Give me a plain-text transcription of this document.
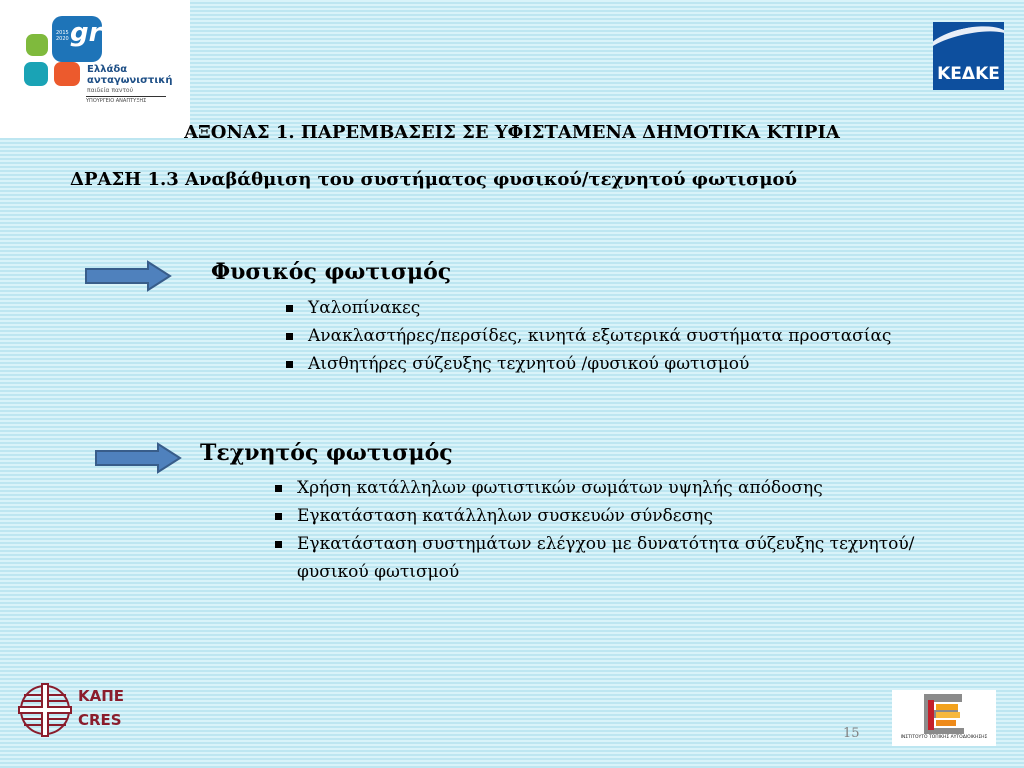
gr
2015 2020
Ελλάδα
ανταγωνιστική
παιδεία παντού
ΥΠΟΥΡΓΕΙΟ ΑΝΑΠΤΥΞΗΣ
ΚΕΔΚΕ
ΑΞΟΝΑΣ 1. ΠΑΡΕΜΒΑΣΕΙΣ ΣΕ ΥΦΙΣΤΑΜΕΝΑ ΔΗΜΟΤΙΚΑ ΚΤΙΡΙΑ
ΔΡΑΣΗ 1.3 Αναβάθμιση του συστήματος φυσικού/τεχνητού φωτισμού
Φυσικός φωτισμός
Υαλοπίνακες
Ανακλαστήρες/περσίδες, κινητά εξωτερικά συστήματα προστασίας
Αισθητήρες σύζευξης τεχνητού /φυσικού φωτισμού
Τεχνητός φωτισμός
Χρήση κατάλληλων φωτιστικών σωμάτων υψηλής απόδοσης
Εγκατάσταση κατάλληλων συσκευών σύνδεσης
Εγκατάσταση συστημάτων ελέγχου με δυνατότητα σύζευξης τεχνητού/φυσικού φωτισμού
ΚΑΠΕ
CRES
15	ΙΝΣΤΙΤΟΥΤΟ ΤΟΠΙΚΗΣ ΑΥΤΟΔΙΟΙΚΗΣΗΣ
